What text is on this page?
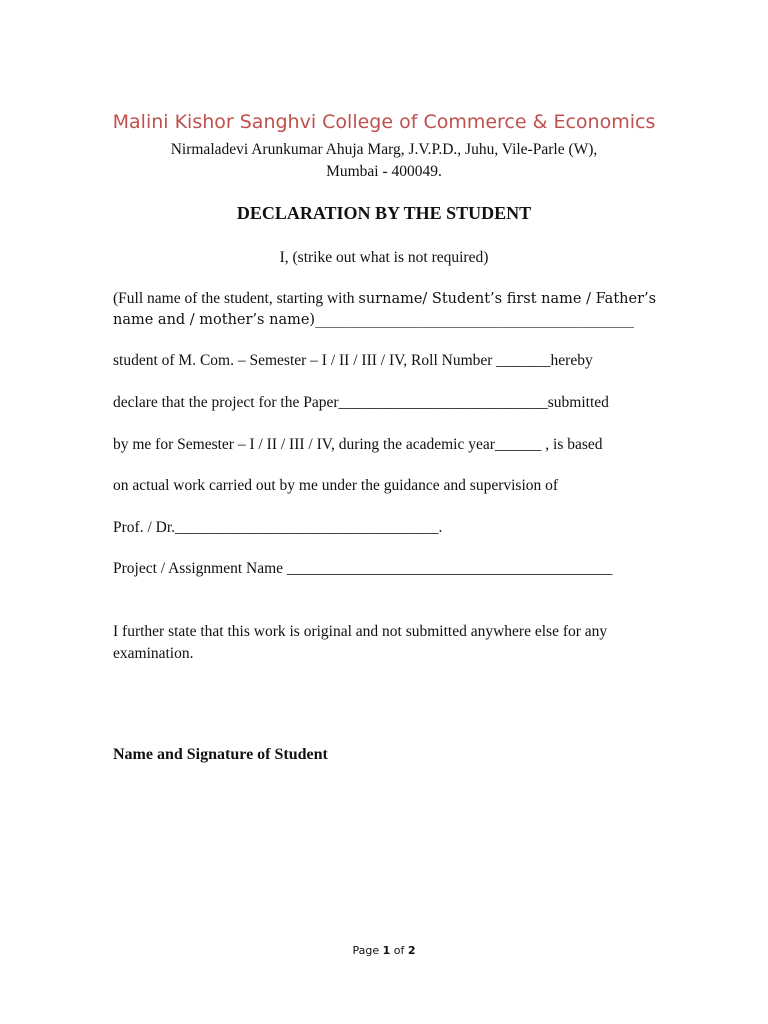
Malini Kishor Sanghvi College of Commerce & Economics
Nirmaladevi Arunkumar Ahuja Marg, J.V.P.D., Juhu, Vile-Parle (W),
Mumbai - 400049.
DECLARATION BY THE STUDENT
I, (strike out what is not required)
(Full name of the student, starting with surname/ Student’s first name / Father’s
name and / mother’s name)____________________________________________
student of M. Com. – Semester – I / II / III / IV, Roll Number _______hereby
declare that the project for the Paper___________________________submitted
by me for Semester – I / II / III / IV, during the academic year______ , is based
on actual work carried out by me under the guidance and supervision of
Prof. / Dr.__________________________________.
Project / Assignment Name __________________________________________
I further state that this work is original and not submitted anywhere else for any
examination.
Name and Signature of Student
Page 1 of 2
